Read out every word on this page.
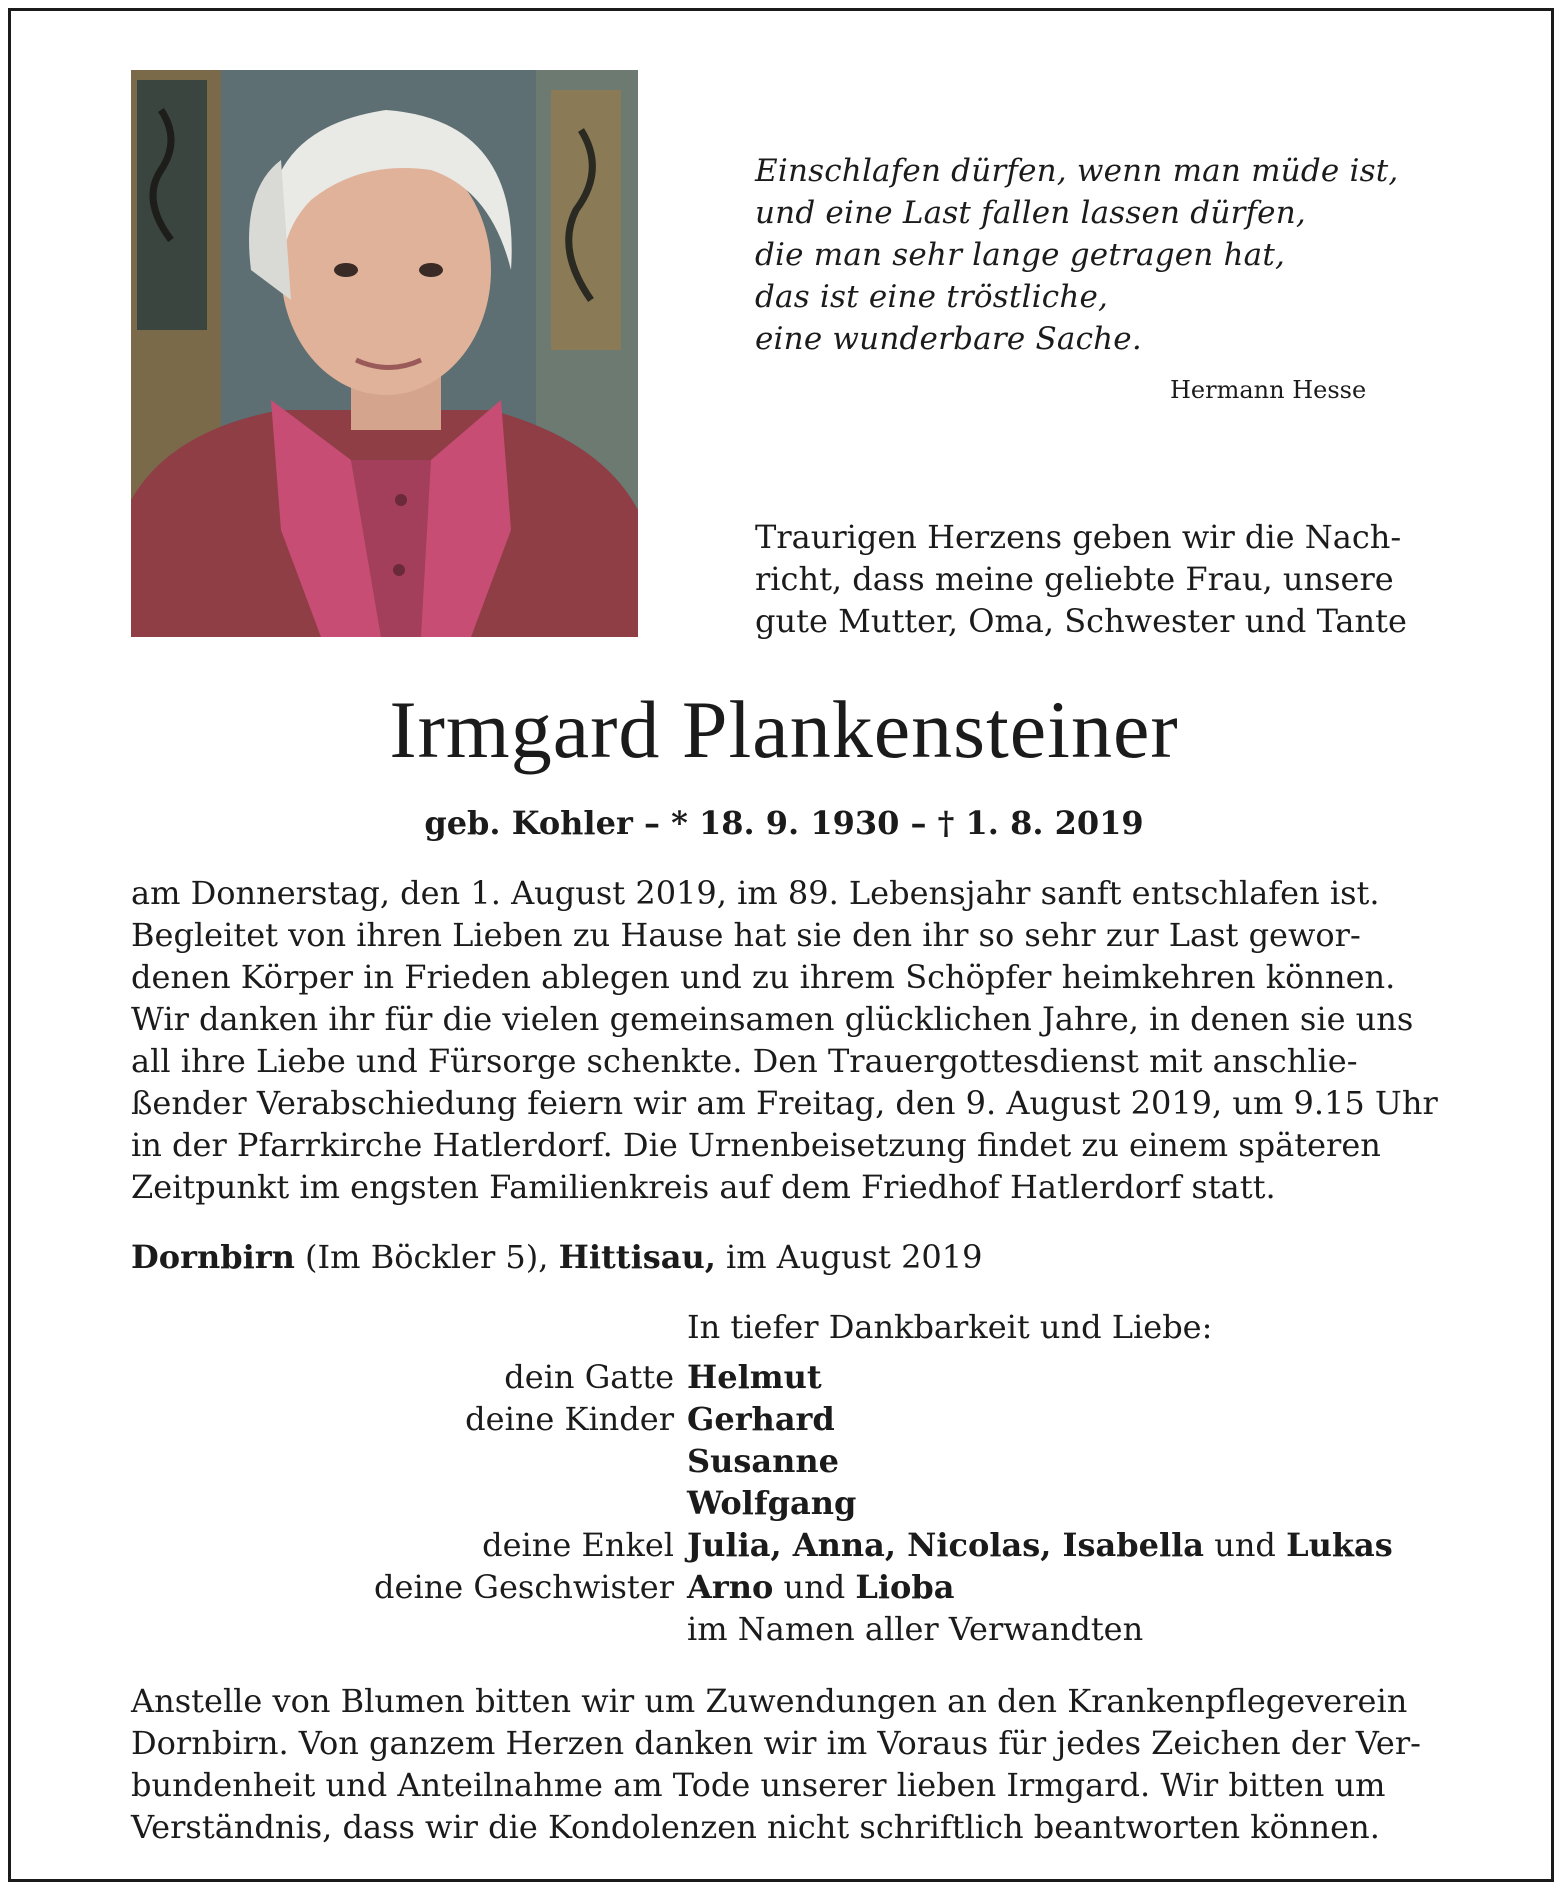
Einschlafen dürfen, wenn man müde ist,
und eine Last fallen lassen dürfen,
die man sehr lange getragen hat,
das ist eine tröstliche,
eine wunderbare Sache.
Hermann Hesse
Traurigen Herzens geben wir die Nach-
richt, dass meine geliebte Frau, unsere
gute Mutter, Oma, Schwester und Tante
Irmgard Plankensteiner
geb. Kohler – * 18. 9. 1930 – † 1. 8. 2019
am Donnerstag, den 1. August 2019, im 89. Lebensjahr sanft entschlafen ist.
Begleitet von ihren Lieben zu Hause hat sie den ihr so sehr zur Last gewor-
denen Körper in Frieden ablegen und zu ihrem Schöpfer heimkehren können.
Wir danken ihr für die vielen gemeinsamen glücklichen Jahre, in denen sie uns
all ihre Liebe und Fürsorge schenkte. Den Trauergottesdienst mit anschlie-
ßender Verabschiedung feiern wir am Freitag, den 9. August 2019, um 9.15 Uhr
in der Pfarrkirche Hatlerdorf. Die Urnenbeisetzung findet zu einem späteren
Zeitpunkt im engsten Familienkreis auf dem Friedhof Hatlerdorf statt.
Dornbirn (Im Böckler 5), Hittisau, im August 2019
In tiefer Dankbarkeit und Liebe:
dein Gatte Helmut
deine Kinder Gerhard
Susanne
Wolfgang
deine Enkel Julia, Anna, Nicolas, Isabella und Lukas
deine Geschwister Arno und Lioba
im Namen aller Verwandten
Anstelle von Blumen bitten wir um Zuwendungen an den Krankenpflegeverein
Dornbirn. Von ganzem Herzen danken wir im Voraus für jedes Zeichen der Ver-
bundenheit und Anteilnahme am Tode unserer lieben Irmgard. Wir bitten um
Verständnis, dass wir die Kondolenzen nicht schriftlich beantworten können.
